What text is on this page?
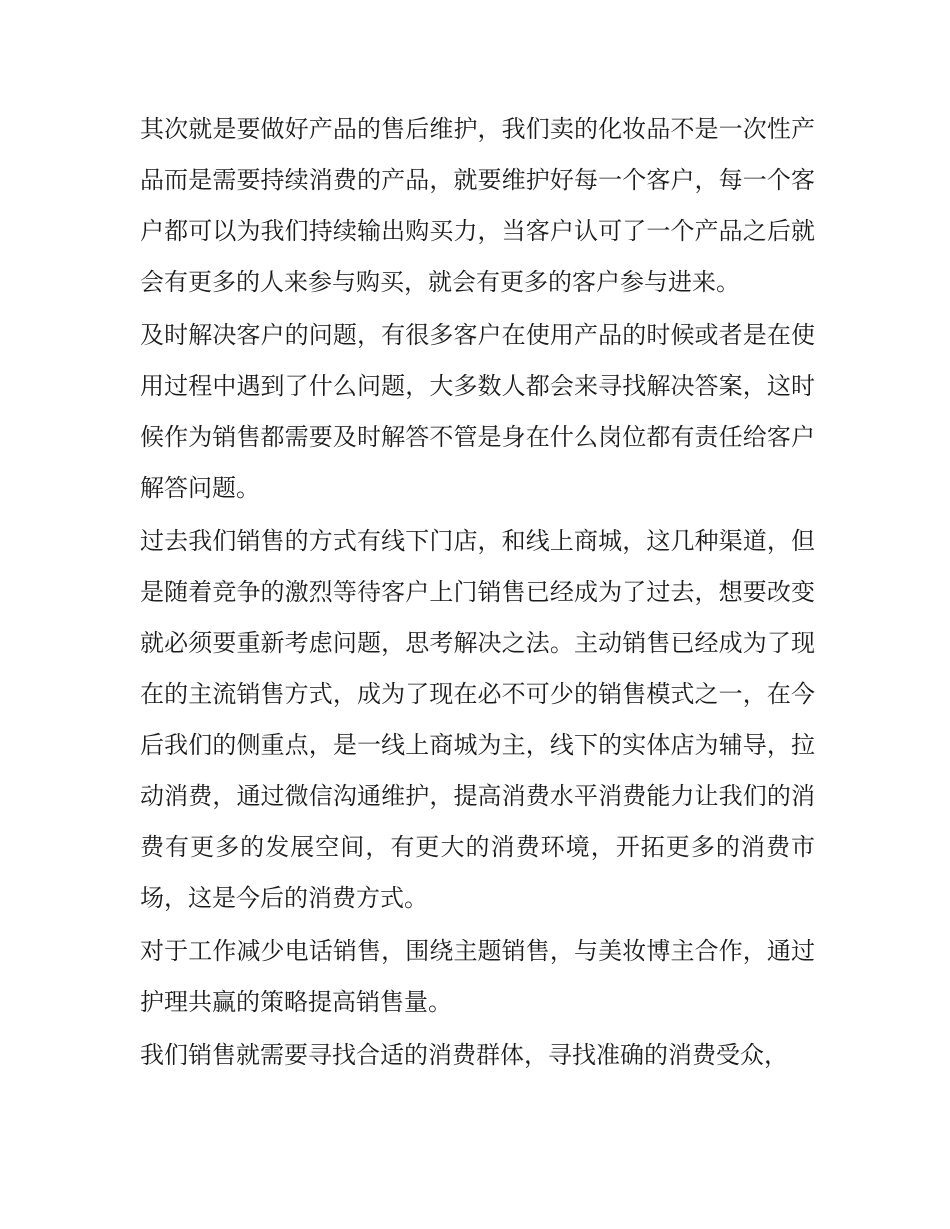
其次就是要做好产品的售后维护，我们卖的化妆品不是一次性产品而是需要持续消费的产品，就要维护好每一个客户，每一个客户都可以为我们持续输出购买力，当客户认可了一个产品之后就会有更多的人来参与购买，就会有更多的客户参与进来。

及时解决客户的问题，有很多客户在使用产品的时候或者是在使用过程中遇到了什么问题，大多数人都会来寻找解决答案，这时候作为销售都需要及时解答不管是身在什么岗位都有责任给客户解答问题。

过去我们销售的方式有线下门店，和线上商城，这几种渠道，但是随着竞争的激烈等待客户上门销售已经成为了过去，想要改变就必须要重新考虑问题，思考解决之法。主动销售已经成为了现在的主流销售方式，成为了现在必不可少的销售模式之一，在今后我们的侧重点，是一线上商城为主，线下的实体店为辅导，拉动消费，通过微信沟通维护，提高消费水平消费能力让我们的消费有更多的发展空间，有更大的消费环境，开拓更多的消费市场，这是今后的消费方式。

对于工作减少电话销售，围绕主题销售，与美妆博主合作，通过护理共赢的策略提高销售量。

我们销售就需要寻找合适的消费群体，寻找准确的消费受众，
